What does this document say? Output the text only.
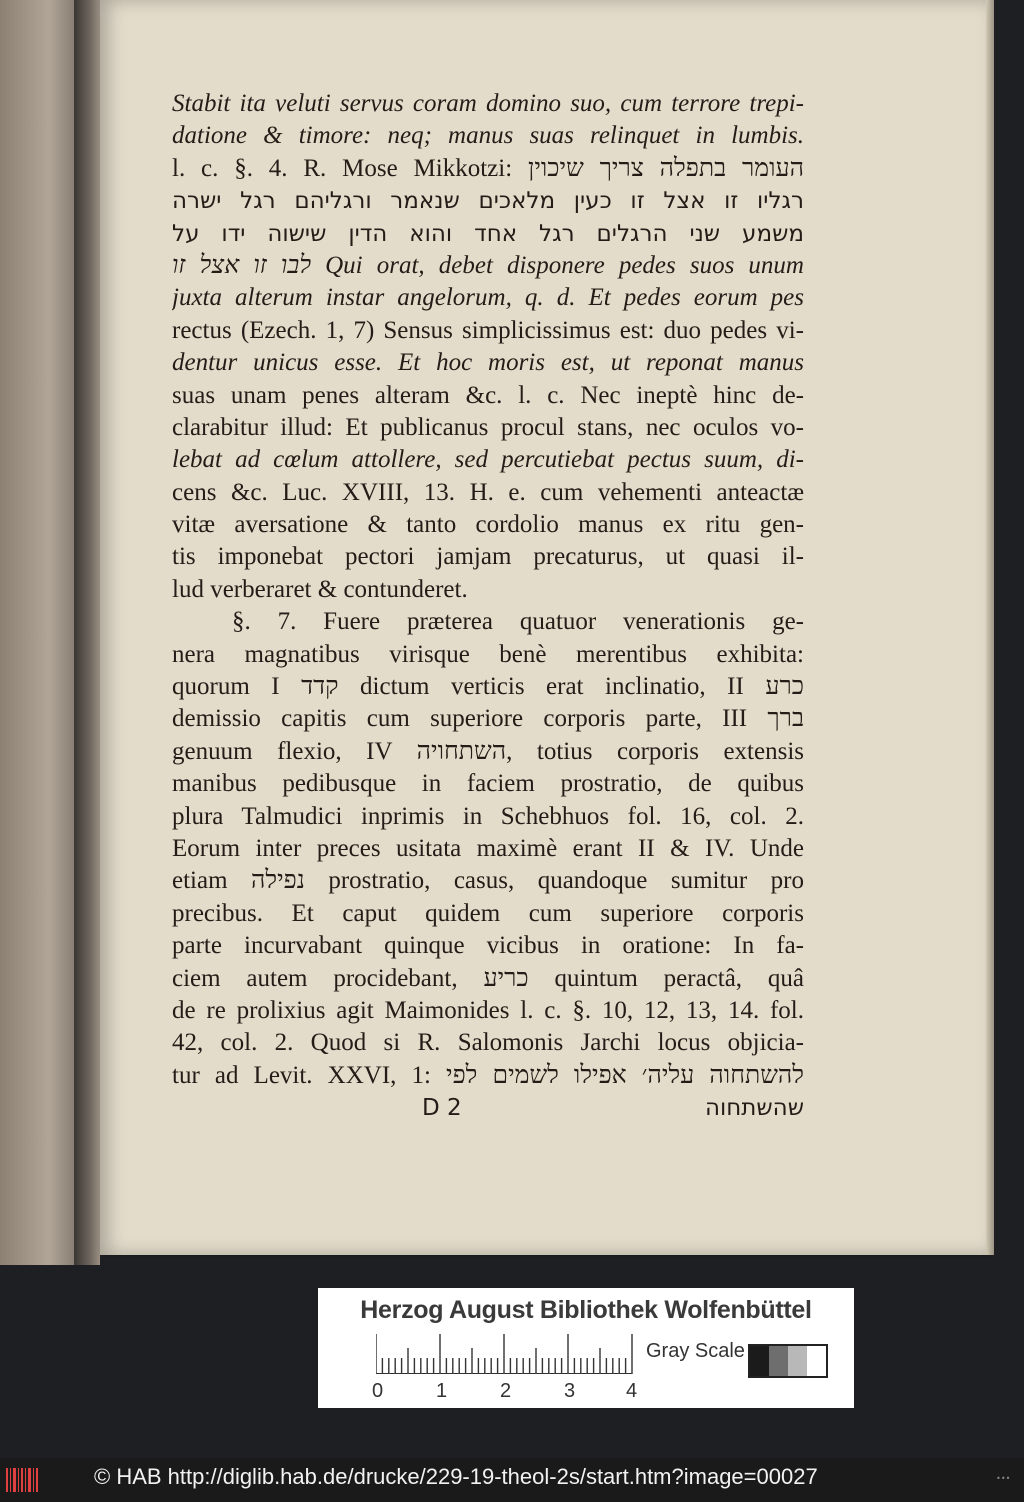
Stabit ita veluti servus coram domino suo, cum terrore trepi-
datione & timore: neq; manus suas relinquet in lumbis.
l. c. §. 4. R. Mose Mikkotzi: העומר בתפלה צריך שיכוין
רגליו זו אצל זו כעין מלאכים שנאמר ורגליהם רגל ישרה
משמע שני הרגלים רגל אחד והוא הדין שישוה ידו על
לבו זו אצל זו Qui orat, debet disponere pedes suos unum
juxta alterum instar angelorum, q. d. Et pedes eorum pes
rectus (Ezech. 1, 7) Sensus simplicissimus est: duo pedes vi-
dentur unicus esse. Et hoc moris est, ut reponat manus
suas unam penes alteram &c. l. c. Nec ineptè hinc de-
clarabitur illud: Et publicanus procul stans, nec oculos vo-
lebat ad cœlum attollere, sed percutiebat pectus suum, di-
cens &c. Luc. XVIII, 13. H. e. cum vehementi anteactæ
vitæ aversatione & tanto cordolio manus ex ritu gen-
tis imponebat pectori jamjam precaturus, ut quasi il-
lud verberaret & contunderet.
§. 7. Fuere præterea quatuor venerationis ge-
nera magnatibus virisque benè merentibus exhibita:
quorum I קדד dictum verticis erat inclinatio, II כרע
demissio capitis cum superiore corporis parte, III ברך
genuum flexio, IV השתחויה, totius corporis extensis
manibus pedibusque in faciem prostratio, de quibus
plura Talmudici inprimis in Schebhuos fol. 16, col. 2.
Eorum inter preces usitata maximè erant II & IV. Unde
etiam נפילה prostratio, casus, quandoque sumitur pro
precibus. Et caput quidem cum superiore corporis
parte incurvabant quinque vicibus in oratione: In fa-
ciem autem procidebant, כריע quintum peractâ, quâ
de re prolixius agit Maimonides l. c. §. 10, 12, 13, 14. fol.
42, col. 2. Quod si R. Salomonis Jarchi locus objicia-
tur ad Levit. XXVI, 1: להשתחוה עליה׳ אפילו לשמים לפי
D 2	שהשתחוה
Herzog August Bibliothek Wolfenbüttel
0	1	2	3	4
Gray Scale
© HAB http://diglib.hab.de/drucke/229-19-theol-2s/start.htm?image=00027	•••
